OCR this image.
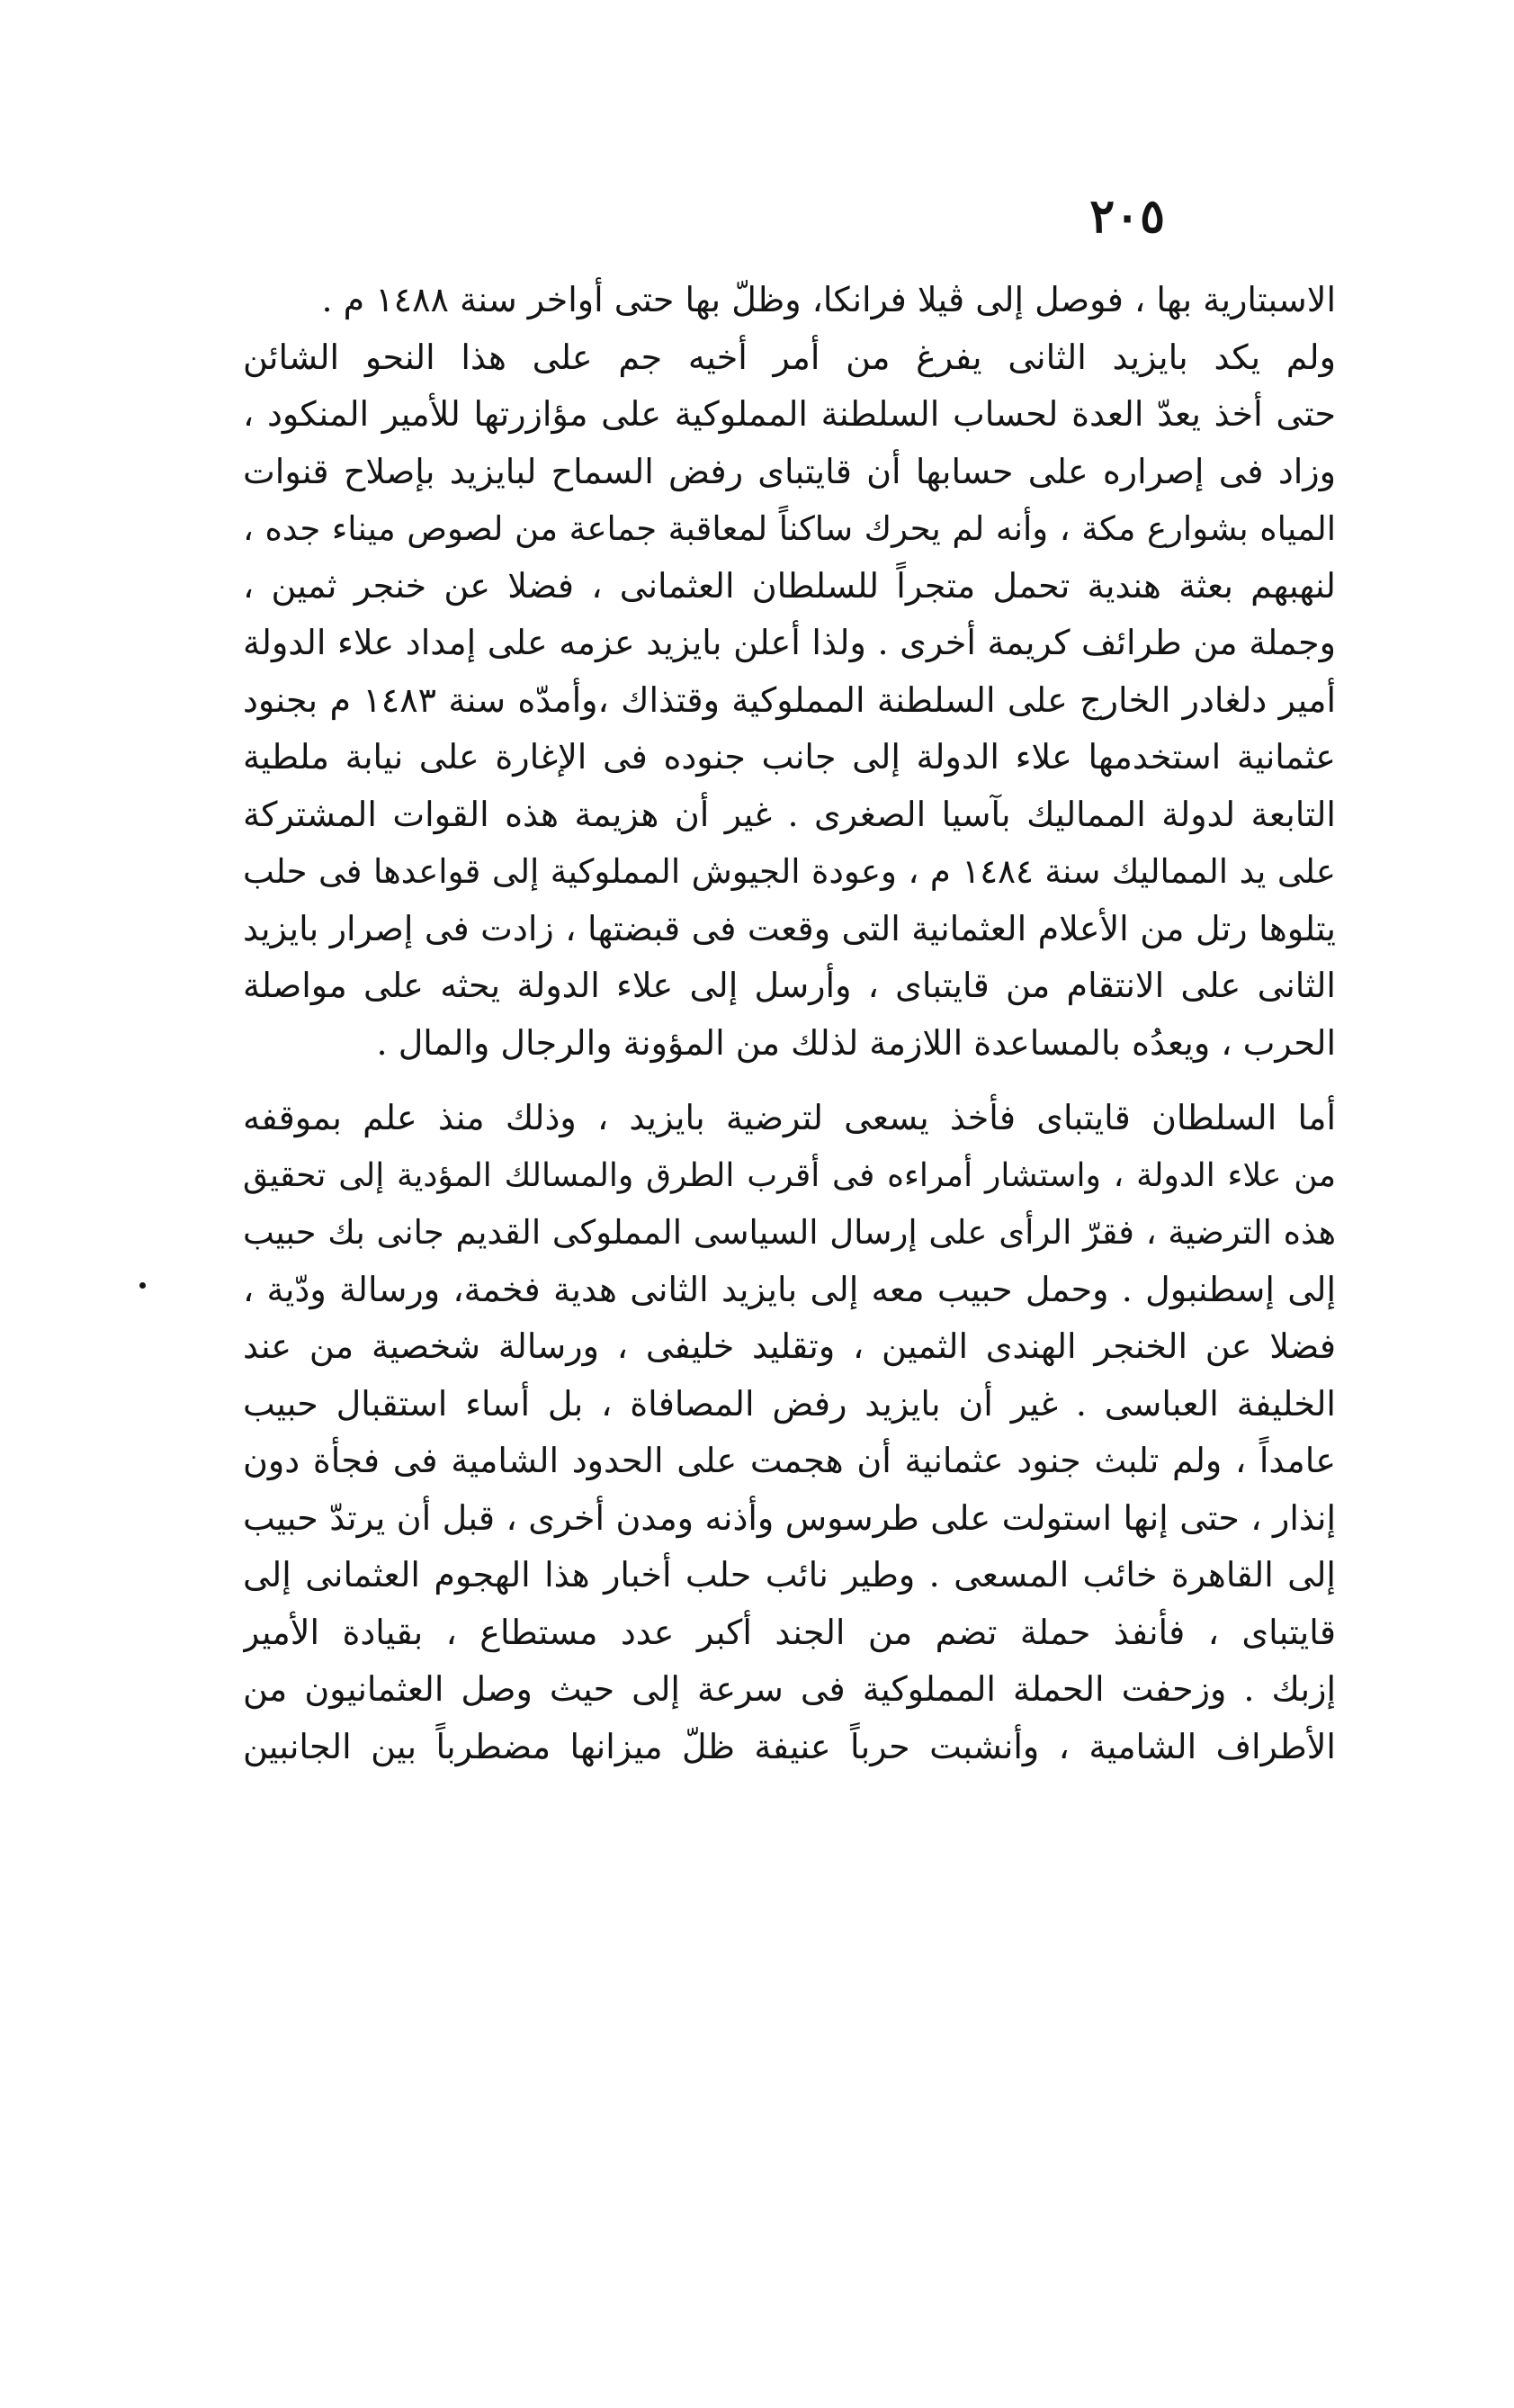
٢٠٥
الاسبتارية بها ، فوصل إلى ڤيلا فرانكا، وظلّ بها حتى أواخر سنة ١٤٨٨ م .
ولم يكد بايزيد الثانى يفرغ من أمر أخيه جم على هذا النحو الشائن
حتى أخذ يعدّ العدة لحساب السلطنة المملوكية على مؤازرتها للأمير المنكود ،
وزاد فى إصراره على حسابها أن قايتباى رفض السماح لبايزيد بإصلاح قنوات
المياه بشوارع مكة ، وأنه لم يحرك ساكناً لمعاقبة جماعة من لصوص ميناء جده ،
لنهبهم بعثة هندية تحمل متجراً للسلطان العثمانى ، فضلا عن خنجر ثمين ،
وجملة من طرائف كريمة أخرى . ولذا أعلن بايزيد عزمه على إمداد علاء الدولة
أمير دلغادر الخارج على السلطنة المملوكية وقتذاك ،وأمدّه سنة ١٤٨٣ م بجنود
عثمانية استخدمها علاء الدولة إلى جانب جنوده فى الإغارة على نيابة ملطية
التابعة لدولة المماليك بآسيا الصغرى . غير أن هزيمة هذه القوات المشتركة
على يد المماليك سنة ١٤٨٤ م ، وعودة الجيوش المملوكية إلى قواعدها فى حلب
يتلوها رتل من الأعلام العثمانية التى وقعت فى قبضتها ، زادت فى إصرار بايزيد
الثانى على الانتقام من قايتباى ، وأرسل إلى علاء الدولة يحثه على مواصلة
الحرب ، ويعدُه بالمساعدة اللازمة لذلك من المؤونة والرجال والمال .
أما السلطان قايتباى فأخذ يسعى لترضية بايزيد ، وذلك منذ علم بموقفه
من علاء الدولة ، واستشار أمراءه فى أقرب الطرق والمسالك المؤدية إلى تحقيق
هذه الترضية ، فقرّ الرأى على إرسال السياسى المملوكى القديم جانى بك حبيب
إلى إسطنبول . وحمل حبيب معه إلى بايزيد الثانى هدية فخمة، ورسالة ودّية ،
فضلا عن الخنجر الهندى الثمين ، وتقليد خليفى ، ورسالة شخصية من عند
الخليفة العباسى . غير أن بايزيد رفض المصافاة ، بل أساء استقبال حبيب
عامداً ، ولم تلبث جنود عثمانية أن هجمت على الحدود الشامية فى فجأة دون
إنذار ، حتى إنها استولت على طرسوس وأذنه ومدن أخرى ، قبل أن يرتدّ حبيب
إلى القاهرة خائب المسعى . وطير نائب حلب أخبار هذا الهجوم العثمانى إلى
قايتباى ، فأنفذ حملة تضم من الجند أكبر عدد مستطاع ، بقيادة الأمير
إزبك . وزحفت الحملة المملوكية فى سرعة إلى حيث وصل العثمانيون من
الأطراف الشامية ، وأنشبت حرباً عنيفة ظلّ ميزانها مضطرباً بين الجانبين
